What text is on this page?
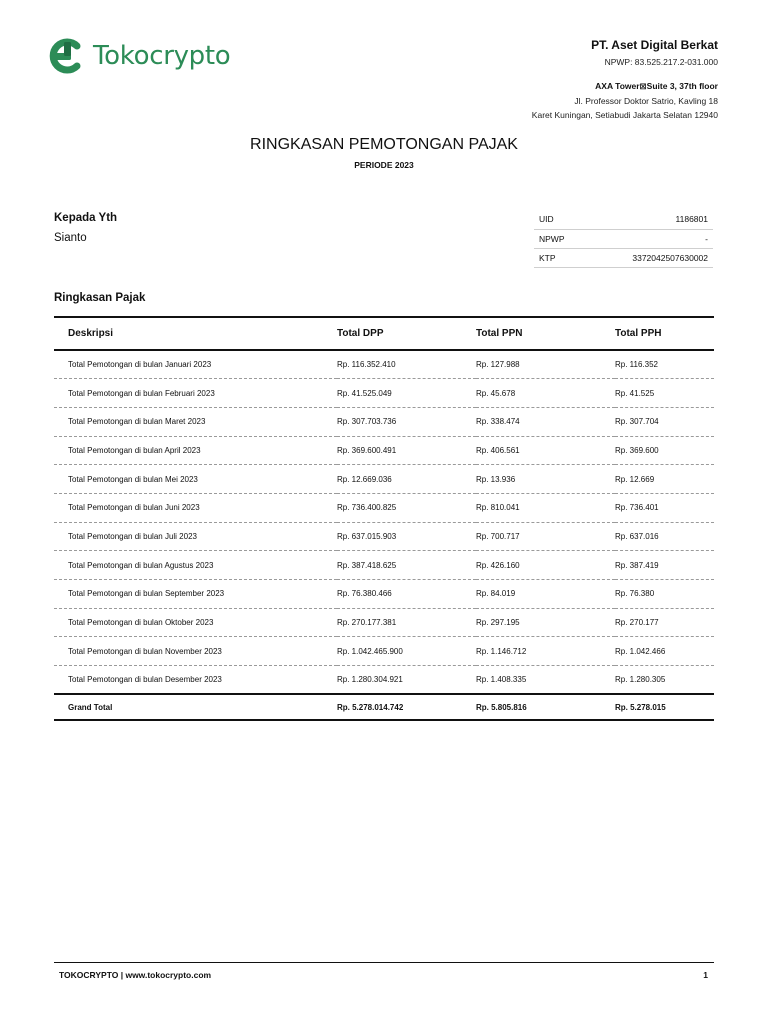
Tokocrypto	PT. Aset Digital Berkat
NPWP: 83.525.217.2-031.000
AXA Tower⊠Suite 3, 37th floor
Jl. Professor Doktor Satrio, Kavling 18
Karet Kuningan, Setiabudi Jakarta Selatan 12940
RINGKASAN PEMOTONGAN PAJAK
PERIODE 2023
Kepada Yth
Sianto
UID	1186801
NPWP	-
KTP	3372042507630002
Ringkasan Pajak
Deskripsi	Total DPP	Total PPN	Total PPH
Total Pemotongan di bulan Januari 2023	Rp. 116.352.410	Rp. 127.988	Rp. 116.352
Total Pemotongan di bulan Februari 2023	Rp. 41.525.049	Rp. 45.678	Rp. 41.525
Total Pemotongan di bulan Maret 2023	Rp. 307.703.736	Rp. 338.474	Rp. 307.704
Total Pemotongan di bulan April 2023	Rp. 369.600.491	Rp. 406.561	Rp. 369.600
Total Pemotongan di bulan Mei 2023	Rp. 12.669.036	Rp. 13.936	Rp. 12.669
Total Pemotongan di bulan Juni 2023	Rp. 736.400.825	Rp. 810.041	Rp. 736.401
Total Pemotongan di bulan Juli 2023	Rp. 637.015.903	Rp. 700.717	Rp. 637.016
Total Pemotongan di bulan Agustus 2023	Rp. 387.418.625	Rp. 426.160	Rp. 387.419
Total Pemotongan di bulan September 2023	Rp. 76.380.466	Rp. 84.019	Rp. 76.380
Total Pemotongan di bulan Oktober 2023	Rp. 270.177.381	Rp. 297.195	Rp. 270.177
Total Pemotongan di bulan November 2023	Rp. 1.042.465.900	Rp. 1.146.712	Rp. 1.042.466
Total Pemotongan di bulan Desember 2023	Rp. 1.280.304.921	Rp. 1.408.335	Rp. 1.280.305
Grand Total	Rp. 5.278.014.742	Rp. 5.805.816	Rp. 5.278.015
TOKOCRYPTO | www.tokocrypto.com	1
